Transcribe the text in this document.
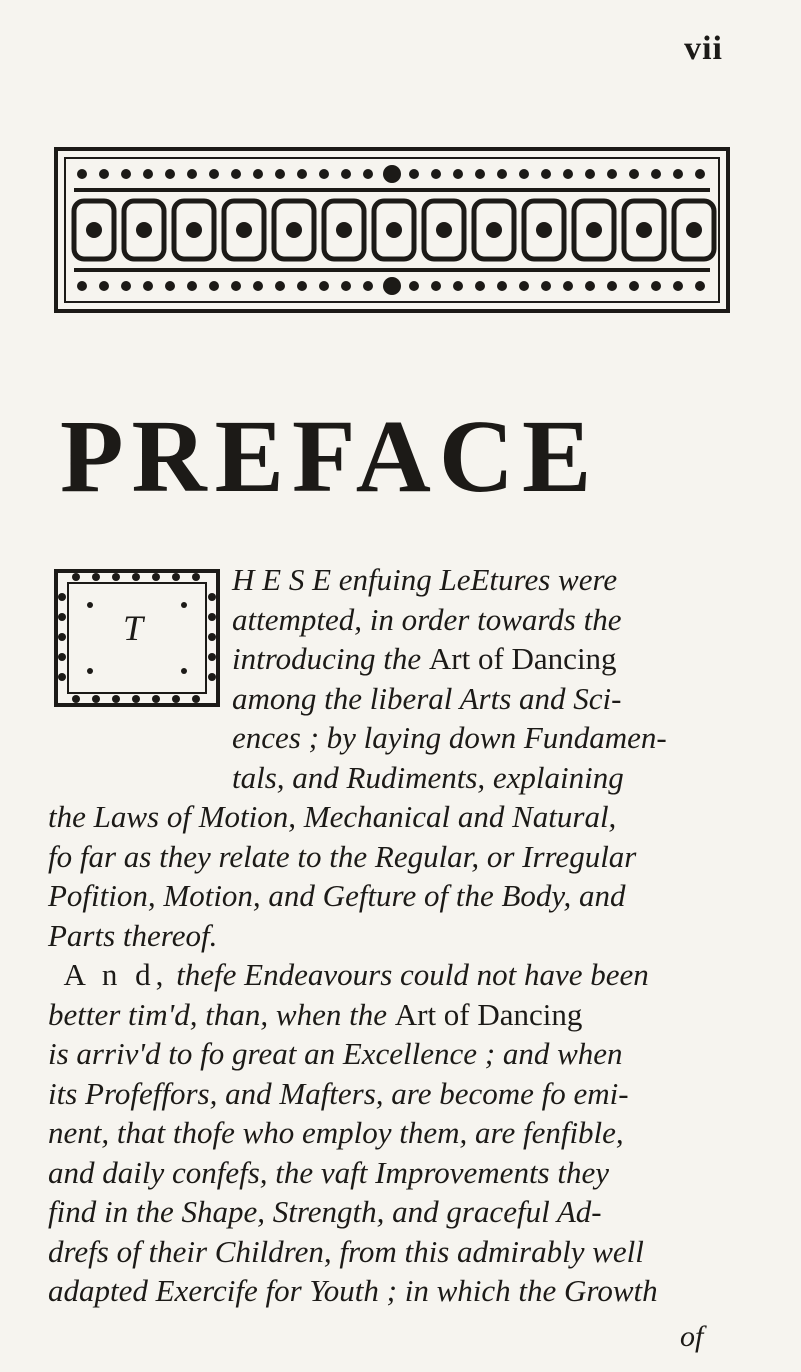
vii
PREFACE
T

H E S E enfuing LeEtures were
attempted, in order towards the
introducing the Art of Dancing
among the liberal Arts and Sci-
ences ; by laying down Fundamen-
tals, and Rudiments, explaining
the Laws of Motion, Mechanical and Natural,
fo far as they relate to the Regular, or Irregular
Pofition, Motion, and Gefture of the Body, and
Parts thereof.

A n d, thefe Endeavours could not have been
better tim'd, than, when the Art of Dancing
is arriv'd to fo great an Excellence ; and when
its Profeffors, and Mafters, are become fo emi-
nent, that thofe who employ them, are fenfible,
and daily confefs, the vaft Improvements they
find in the Shape, Strength, and graceful Ad-
drefs of their Children, from this admirably well
adapted Exercife for Youth ; in which the Growth

of
